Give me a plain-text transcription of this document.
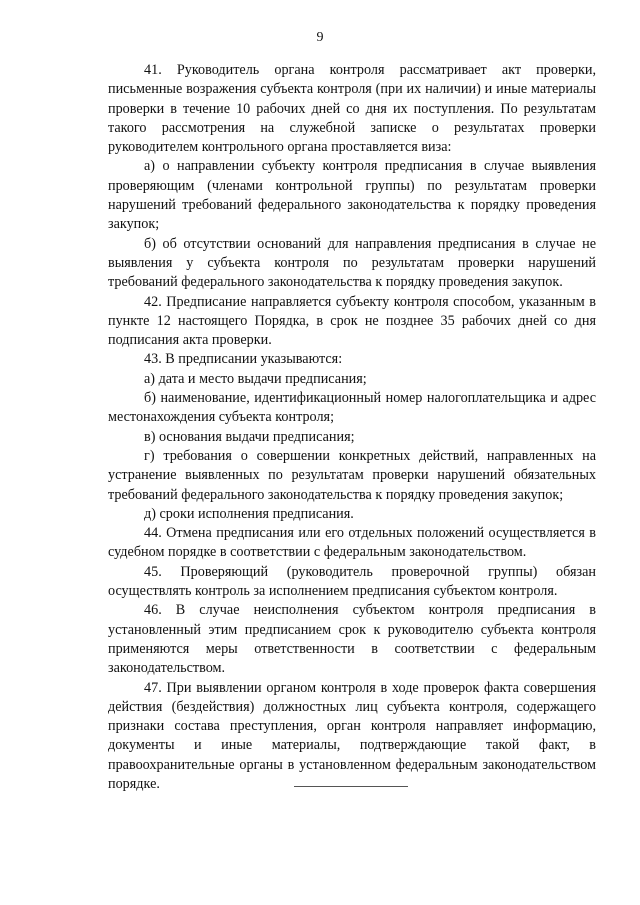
9

41. Руководитель органа контроля рассматривает акт проверки, письменные возражения субъекта контроля (при их наличии) и иные материалы проверки в течение 10 рабочих дней со дня их поступления. По результатам такого рассмотрения на служебной записке о результатах проверки руководителем контрольного органа проставляется виза:

а) о направлении субъекту контроля предписания в случае выявления проверяющим (членами контрольной группы) по результатам проверки нарушений требований федерального законодательства к порядку проведения закупок;

б) об отсутствии оснований для направления предписания в случае не выявления у субъекта контроля по результатам проверки нарушений требований федерального законодательства к порядку проведения закупок.

42. Предписание направляется субъекту контроля способом, указанным в пункте 12 настоящего Порядка, в срок не позднее 35 рабочих дней со дня подписания акта проверки.

43. В предписании указываются:

а) дата и место выдачи предписания;

б) наименование, идентификационный номер налогоплательщика и адрес местонахождения субъекта контроля;

в) основания выдачи предписания;

г) требования о совершении конкретных действий, направленных на устранение выявленных по результатам проверки нарушений обязательных требований федерального законодательства к порядку проведения закупок;

д) сроки исполнения предписания.

44. Отмена предписания или его отдельных положений осуществляется в судебном порядке в соответствии с федеральным законодательством.

45. Проверяющий (руководитель проверочной группы) обязан осуществлять контроль за исполнением предписания субъектом контроля.

46. В случае неисполнения субъектом контроля предписания в установленный этим предписанием срок к руководителю субъекта контроля применяются меры ответственности в соответствии с федеральным законодательством.

47. При выявлении органом контроля в ходе проверок факта совершения действия (бездействия) должностных лиц субъекта контроля, содержащего признаки состава преступления, орган контроля направляет информацию, документы и иные материалы, подтверждающие такой факт, в правоохранительные органы в установленном федеральным законодательством порядке.
